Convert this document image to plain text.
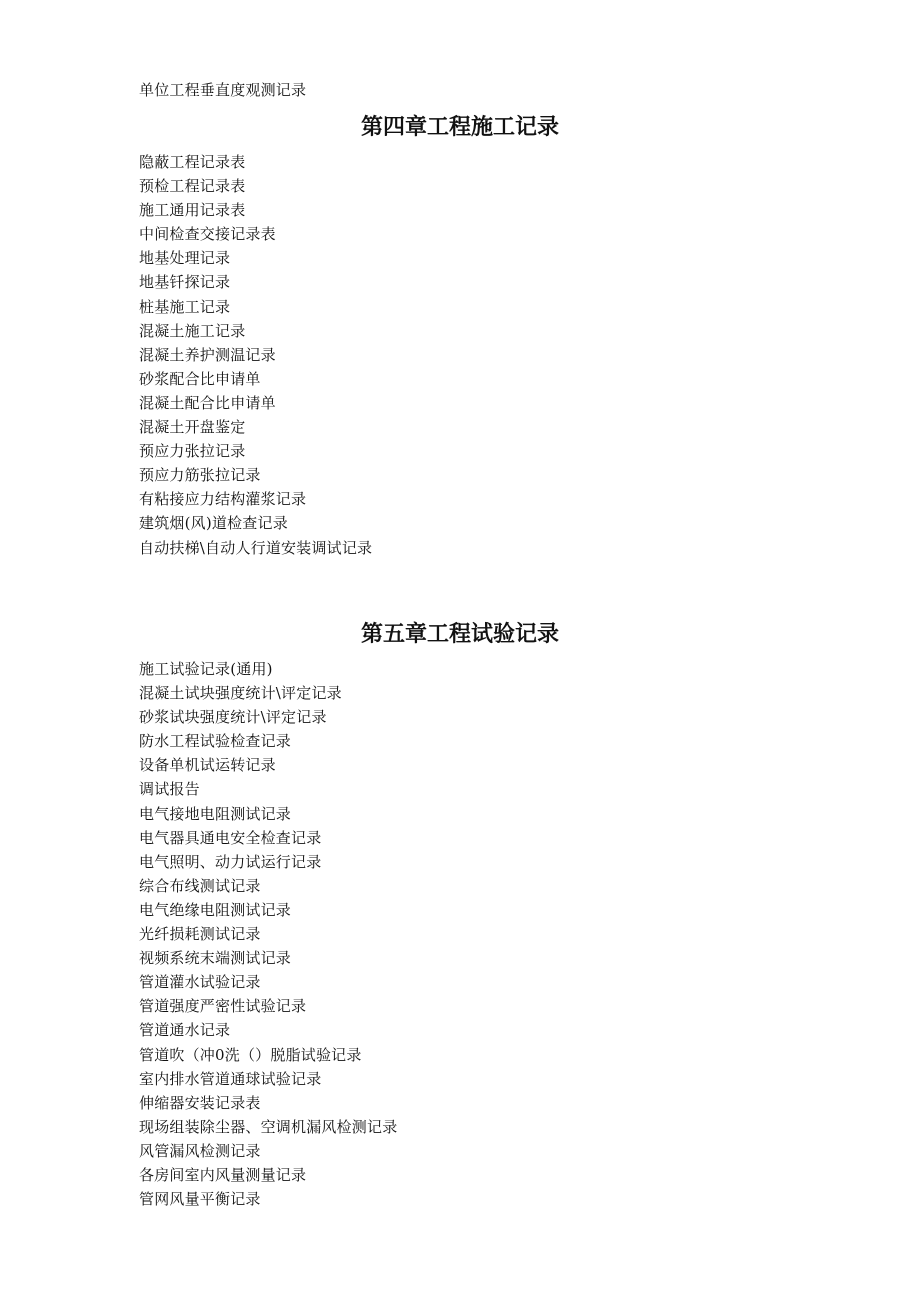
单位工程垂直度观测记录
第四章工程施工记录
隐蔽工程记录表
预检工程记录表
施工通用记录表
中间检查交接记录表
地基处理记录
地基钎探记录
桩基施工记录
混凝土施工记录
混凝土养护测温记录
砂浆配合比申请单
混凝土配合比申请单
混凝土开盘鉴定
预应力张拉记录
预应力筋张拉记录
有粘接应力结构灌浆记录
建筑烟(风)道检查记录
自动扶梯\自动人行道安装调试记录
第五章工程试验记录
施工试验记录(通用)
混凝土试块强度统计\评定记录
砂浆试块强度统计\评定记录
防水工程试验检查记录
设备单机试运转记录
调试报告
电气接地电阻测试记录
电气器具通电安全检查记录
电气照明、动力试运行记录
综合布线测试记录
电气绝缘电阻测试记录
光纤损耗测试记录
视频系统末端测试记录
管道灌水试验记录
管道强度严密性试验记录
管道通水记录
管道吹（冲0洗（）脱脂试验记录
室内排水管道通球试验记录
伸缩器安装记录表
现场组装除尘器、空调机漏风检测记录
风管漏风检测记录
各房间室内风量测量记录
管网风量平衡记录
